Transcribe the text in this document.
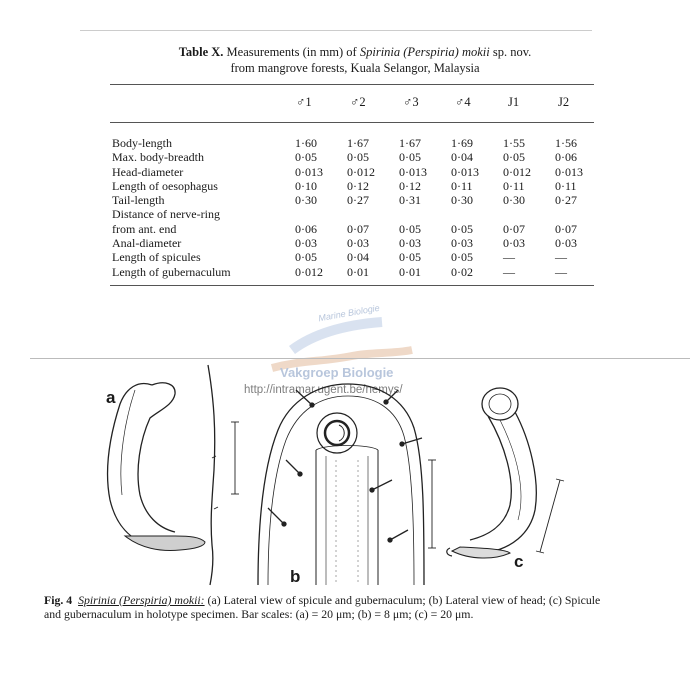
Table X. Measurements (in mm) of Spirinia (Perspiria) mokii sp. nov.
from mangrove forests, Kuala Selangor, Malaysia
♂1	♂2	♂3	♂4	J1	J2
Body-length	1·60	1·67	1·67	1·69	1·55	1·56
Max. body-breadth	0·05	0·05	0·05	0·04	0·05	0·06
Head-diameter	0·013	0·012	0·013	0·013	0·012	0·013
Length of oesophagus	0·10	0·12	0·12	0·11	0·11	0·11
Tail-length	0·30	0·27	0·31	0·30	0·30	0·27
Distance of nerve-ring						
from ant. end	0·06	0·07	0·05	0·05	0·07	0·07
Anal-diameter	0·03	0·03	0·03	0·03	0·03	0·03
Length of spicules	0·05	0·04	0·05	0·05	—	—
Length of gubernaculum	0·012	0·01	0·01	0·02	—	—
Marine Biologie
Vakgroep Biologie
http://intramar.ugent.be/nemys/
a
b
c
Fig. 4 Spirinia (Perspiria) mokii: (a) Lateral view of spicule and gubernaculum; (b) Lateral view of head; (c) Spicule and gubernaculum in holotype specimen. Bar scales: (a) = 20 μm; (b) = 8 μm; (c) = 20 μm.
